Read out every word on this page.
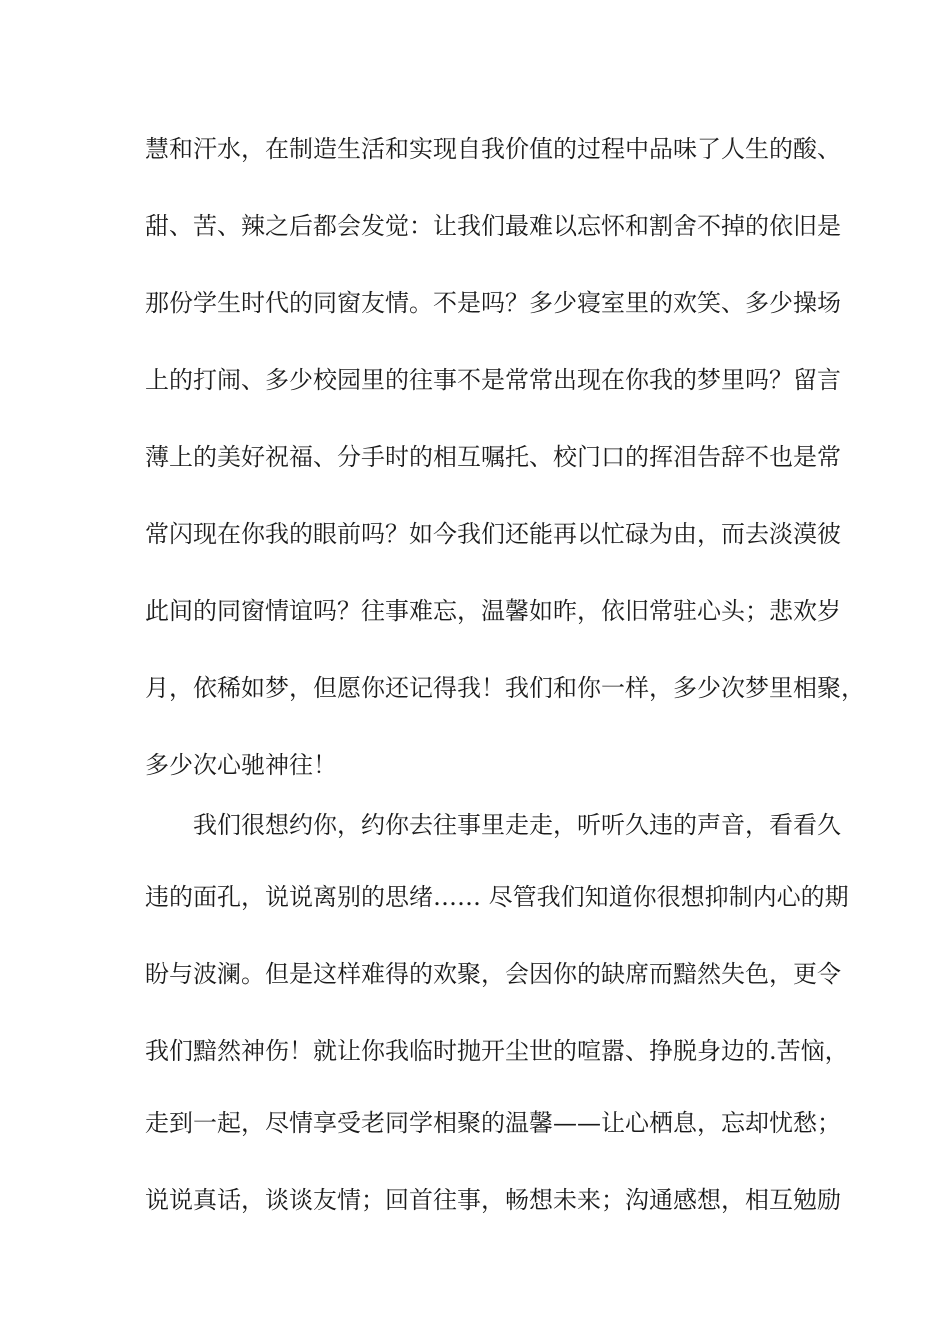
慧和汗水，在制造生活和实现自我价值的过程中品味了人生的酸、
甜、苦、辣之后都会发觉：让我们最难以忘怀和割舍不掉的依旧是
那份学生时代的同窗友情。不是吗？多少寝室里的欢笑、多少操场
上的打闹、多少校园里的往事不是常常出现在你我的梦里吗？留言
薄上的美好祝福、分手时的相互嘱托、校门口的挥泪告辞不也是常
常闪现在你我的眼前吗？如今我们还能再以忙碌为由，而去淡漠彼
此间的同窗情谊吗？往事难忘，温馨如昨，依旧常驻心头；悲欢岁
月，依稀如梦，但愿你还记得我！我们和你一样，多少次梦里相聚，
多少次心驰神往！
我们很想约你，约你去往事里走走，听听久违的声音，看看久
违的面孔，说说离别的思绪…… 尽管我们知道你很想抑制内心的期
盼与波澜。但是这样难得的欢聚，会因你的缺席而黯然失色，更令
我们黯然神伤！就让你我临时抛开尘世的喧嚣、挣脱身边的.苦恼，
走到一起，尽情享受老同学相聚的温馨——让心栖息，忘却忧愁；
说说真话，谈谈友情；回首往事，畅想未来；沟通感想，相互勉励
